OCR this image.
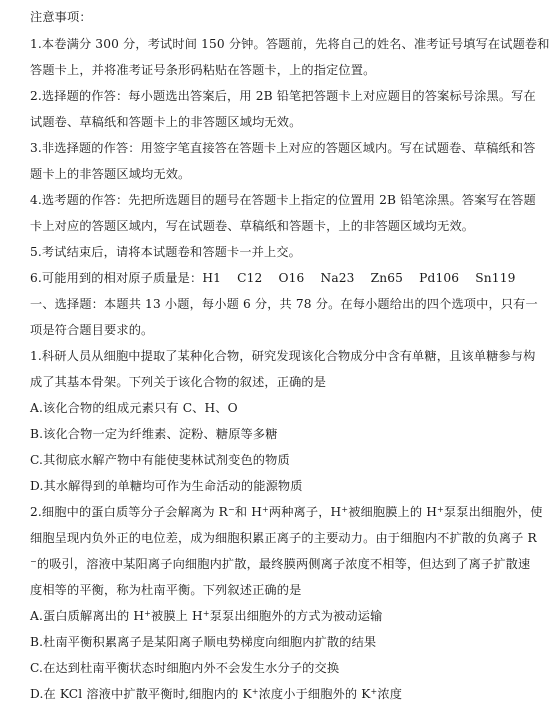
注意事项：
1.本卷满分 300 分，考试时间 150 分钟。答题前，先将自己的姓名、准考证号填写在试题卷和
答题卡上，并将准考证号条形码粘贴在答题卡，上的指定位置。
2.选择题的作答：每小题选出答案后，用 2B 铅笔把答题卡上对应题目的答案标号涂黑。写在
试题卷、草稿纸和答题卡上的非答题区域均无效。
3.非选择题的作答：用签字笔直接答在答题卡上对应的答题区域内。写在试题卷、草稿纸和答
题卡上的非答题区域均无效。
4.选考题的作答：先把所选题目的题号在答题卡上指定的位置用 2B 铅笔涂黑。答案写在答题
卡上对应的答题区域内，写在试题卷、草稿纸和答题卡，上的非答题区域均无效。
5.考试结束后，请将本试题卷和答题卡一并上交。
6.可能用到的相对原子质量是：H1    C12    O16    Na23    Zn65    Pd106    Sn119
一、选择题：本题共 13 小题，每小题 6 分，共 78 分。在每小题给出的四个选项中，只有一
项是符合题目要求的。
1.科研人员从细胞中提取了某种化合物，研究发现该化合物成分中含有单糖，且该单糖参与构
成了其基本骨架。下列关于该化合物的叙述，正确的是
A.该化合物的组成元素只有 C、H、O
B.该化合物一定为纤维素、淀粉、糖原等多糖
C.其彻底水解产物中有能使斐林试剂变色的物质
D.其水解得到的单糖均可作为生命活动的能源物质
2.细胞中的蛋白质等分子会解离为 R−和 H+两种离子，H+被细胞膜上的 H+泵泵出细胞外，使
细胞呈现内负外正的电位差，成为细胞积累正离子的主要动力。由于细胞内不扩散的负离子 R
−的吸引，溶液中某阳离子向细胞内扩散，最终膜两侧离子浓度不相等，但达到了离子扩散速
度相等的平衡，称为杜南平衡。下列叙述正确的是
A.蛋白质解离出的 H+被膜上 H+泵泵出细胞外的方式为被动运输
B.杜南平衡积累离子是某阳离子顺电势梯度向细胞内扩散的结果
C.在达到杜南平衡状态时细胞内外不会发生水分子的交换
D.在 KCl 溶液中扩散平衡时,细胞内的 K+浓度小于细胞外的 K+浓度
